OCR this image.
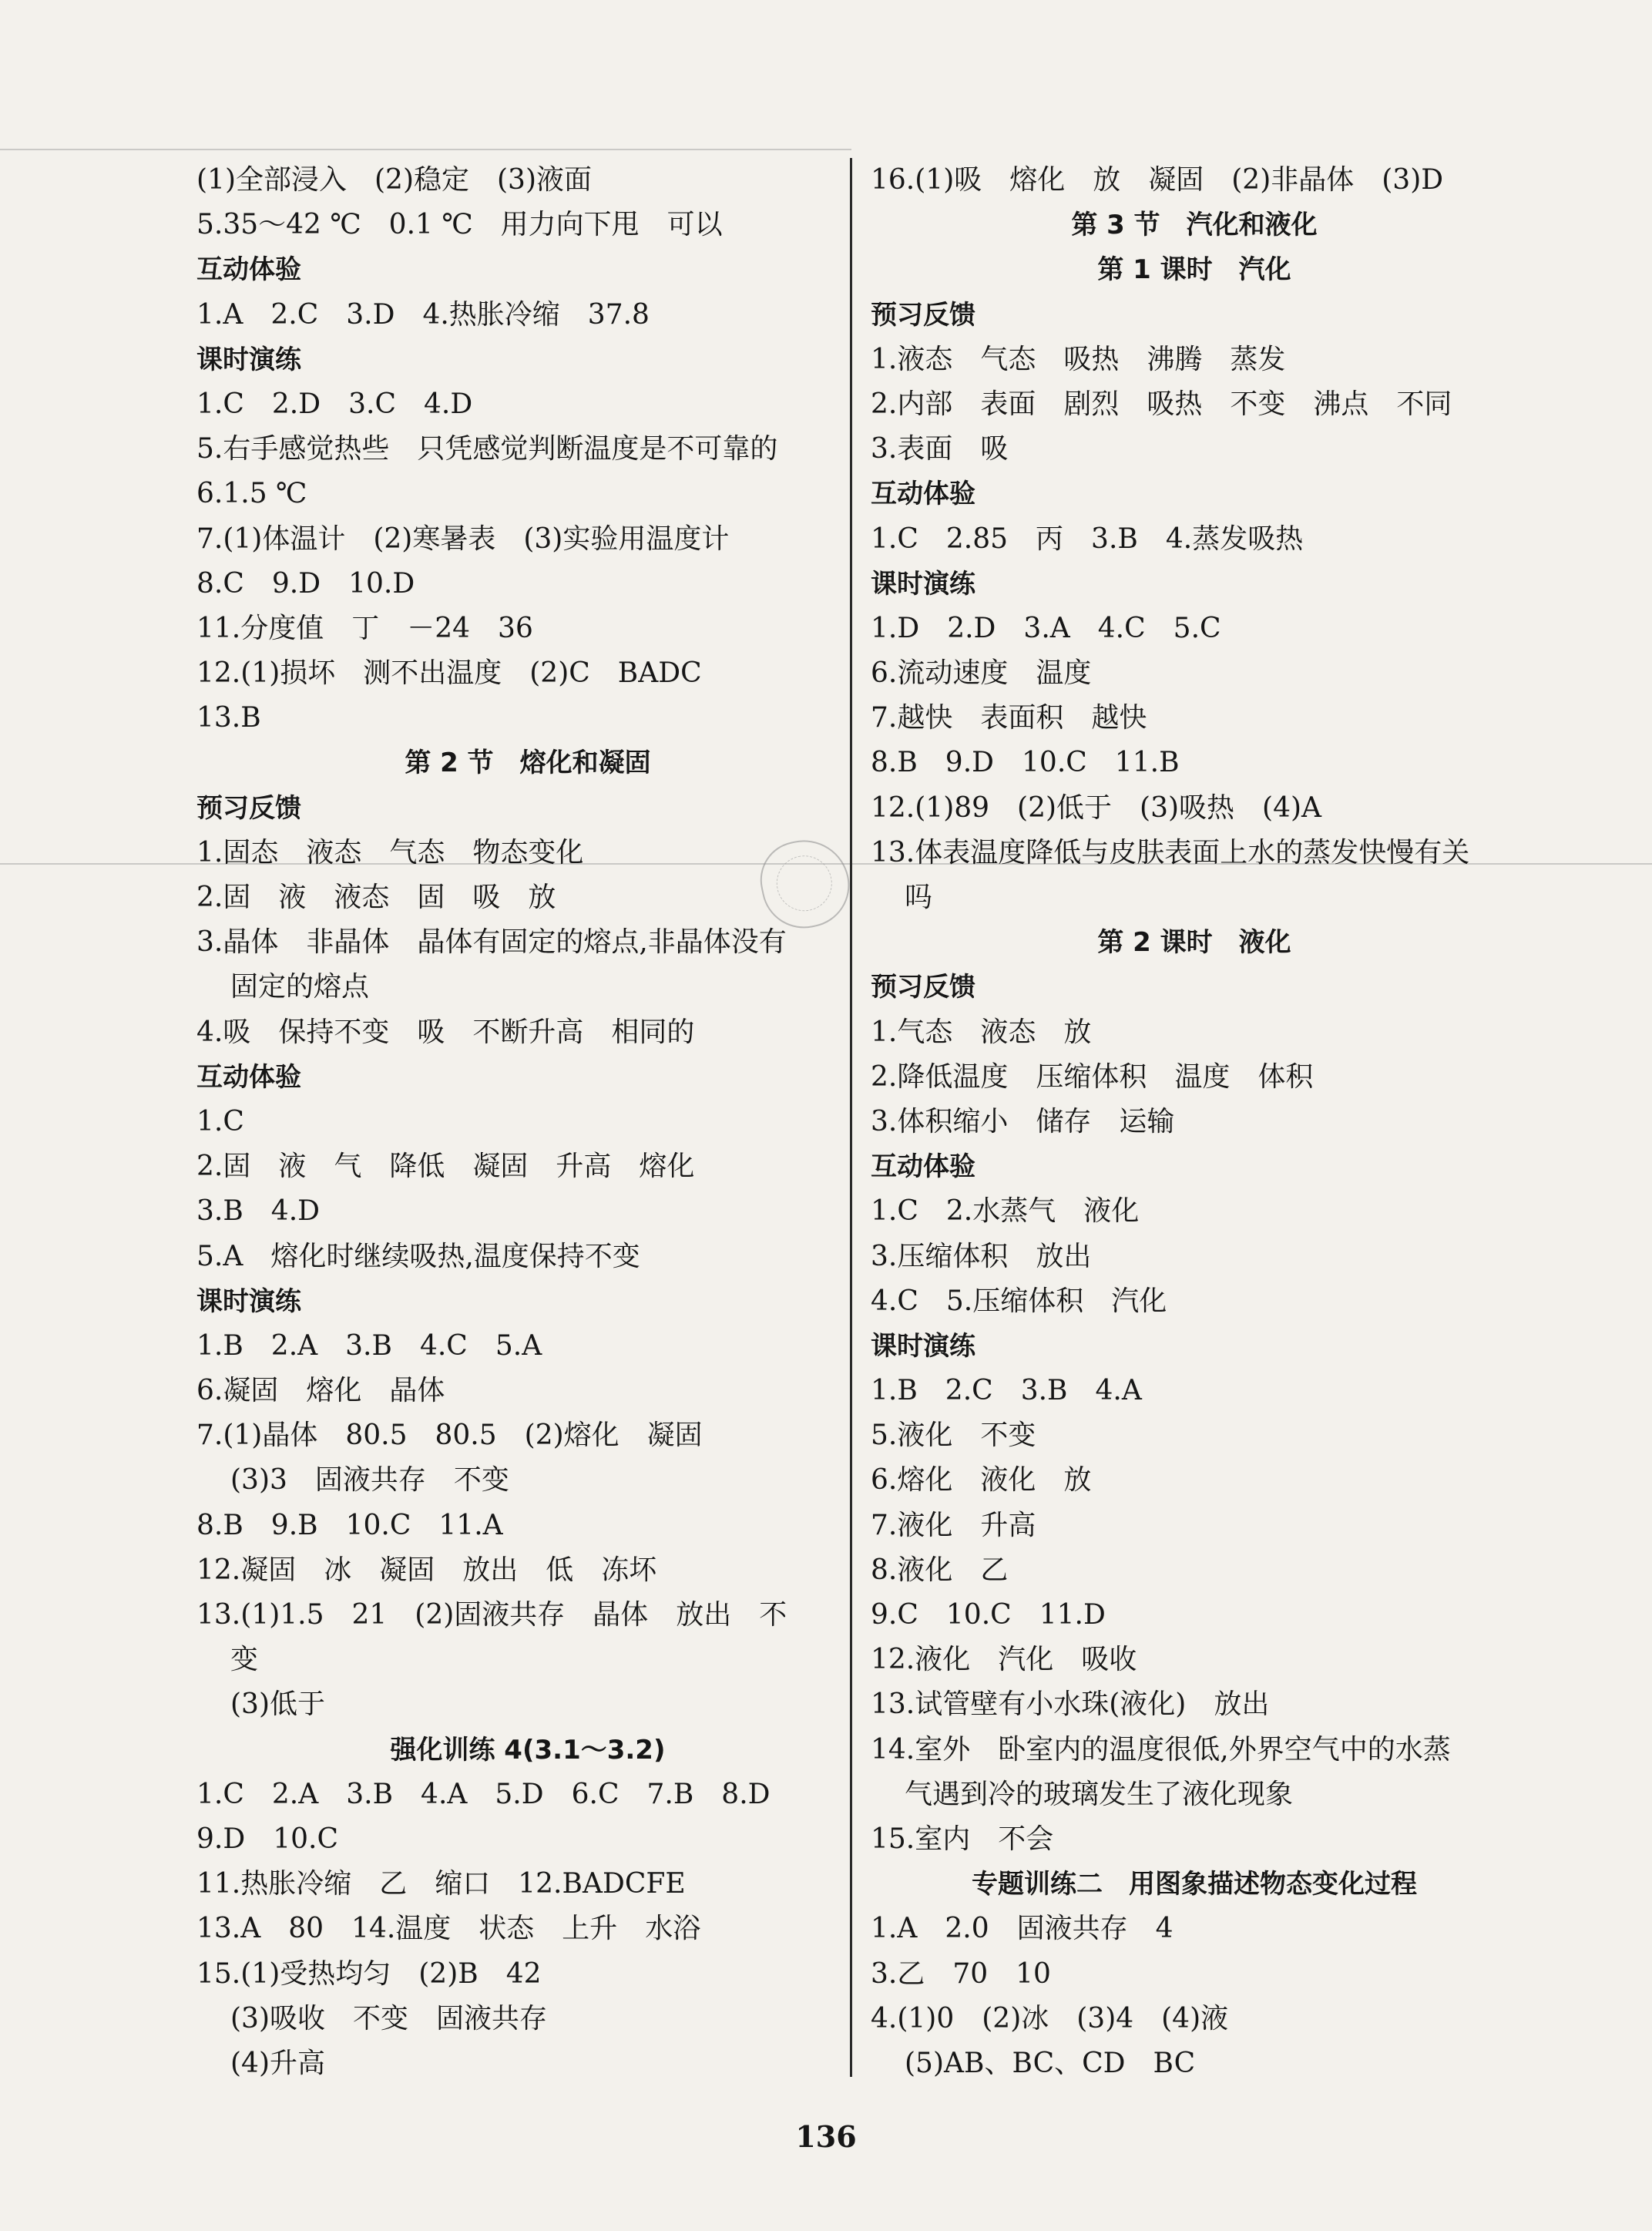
(1)全部浸入　(2)稳定　(3)液面
5.35～42 ℃　0.1 ℃　用力向下甩　可以
互动体验
1.A　2.C　3.D　4.热胀冷缩　37.8
课时演练
1.C　2.D　3.C　4.D
5.右手感觉热些　只凭感觉判断温度是不可靠的
6.1.5 ℃
7.(1)体温计　(2)寒暑表　(3)实验用温度计
8.C　9.D　10.D
11.分度值　丁　－24　36
12.(1)损坏　测不出温度　(2)C　BADC
13.B
第 2 节　熔化和凝固
预习反馈
1.固态　液态　气态　物态变化
2.固　液　液态　固　吸　放
3.晶体　非晶体　晶体有固定的熔点,非晶体没有
固定的熔点
4.吸　保持不变　吸　不断升高　相同的
互动体验
1.C
2.固　液　气　降低　凝固　升高　熔化
3.B　4.D
5.A　熔化时继续吸热,温度保持不变
课时演练
1.B　2.A　3.B　4.C　5.A
6.凝固　熔化　晶体
7.(1)晶体　80.5　80.5　(2)熔化　凝固
(3)3　固液共存　不变
8.B　9.B　10.C　11.A
12.凝固　冰　凝固　放出　低　冻坏
13.(1)1.5　21　(2)固液共存　晶体　放出　不
变
(3)低于
强化训练 4(3.1～3.2)
1.C　2.A　3.B　4.A　5.D　6.C　7.B　8.D
9.D　10.C
11.热胀冷缩　乙　缩口　12.BADCFE
13.A　80　14.温度　状态　上升　水浴
15.(1)受热均匀　(2)B　42
(3)吸收　不变　固液共存
(4)升高
16.(1)吸　熔化　放　凝固　(2)非晶体　(3)D
第 3 节　汽化和液化
第 1 课时　汽化
预习反馈
1.液态　气态　吸热　沸腾　蒸发
2.内部　表面　剧烈　吸热　不变　沸点　不同
3.表面　吸
互动体验
1.C　2.85　丙　3.B　4.蒸发吸热
课时演练
1.D　2.D　3.A　4.C　5.C
6.流动速度　温度
7.越快　表面积　越快
8.B　9.D　10.C　11.B
12.(1)89　(2)低于　(3)吸热　(4)A
13.体表温度降低与皮肤表面上水的蒸发快慢有关
吗
第 2 课时　液化
预习反馈
1.气态　液态　放
2.降低温度　压缩体积　温度　体积
3.体积缩小　储存　运输
互动体验
1.C　2.水蒸气　液化
3.压缩体积　放出
4.C　5.压缩体积　汽化
课时演练
1.B　2.C　3.B　4.A
5.液化　不变
6.熔化　液化　放
7.液化　升高
8.液化　乙
9.C　10.C　11.D
12.液化　汽化　吸收
13.试管壁有小水珠(液化)　放出
14.室外　卧室内的温度很低,外界空气中的水蒸
气遇到冷的玻璃发生了液化现象
15.室内　不会
专题训练二　用图象描述物态变化过程
1.A　2.0　固液共存　4
3.乙　70　10
4.(1)0　(2)冰　(3)4　(4)液
(5)AB、BC、CD　BC
136
